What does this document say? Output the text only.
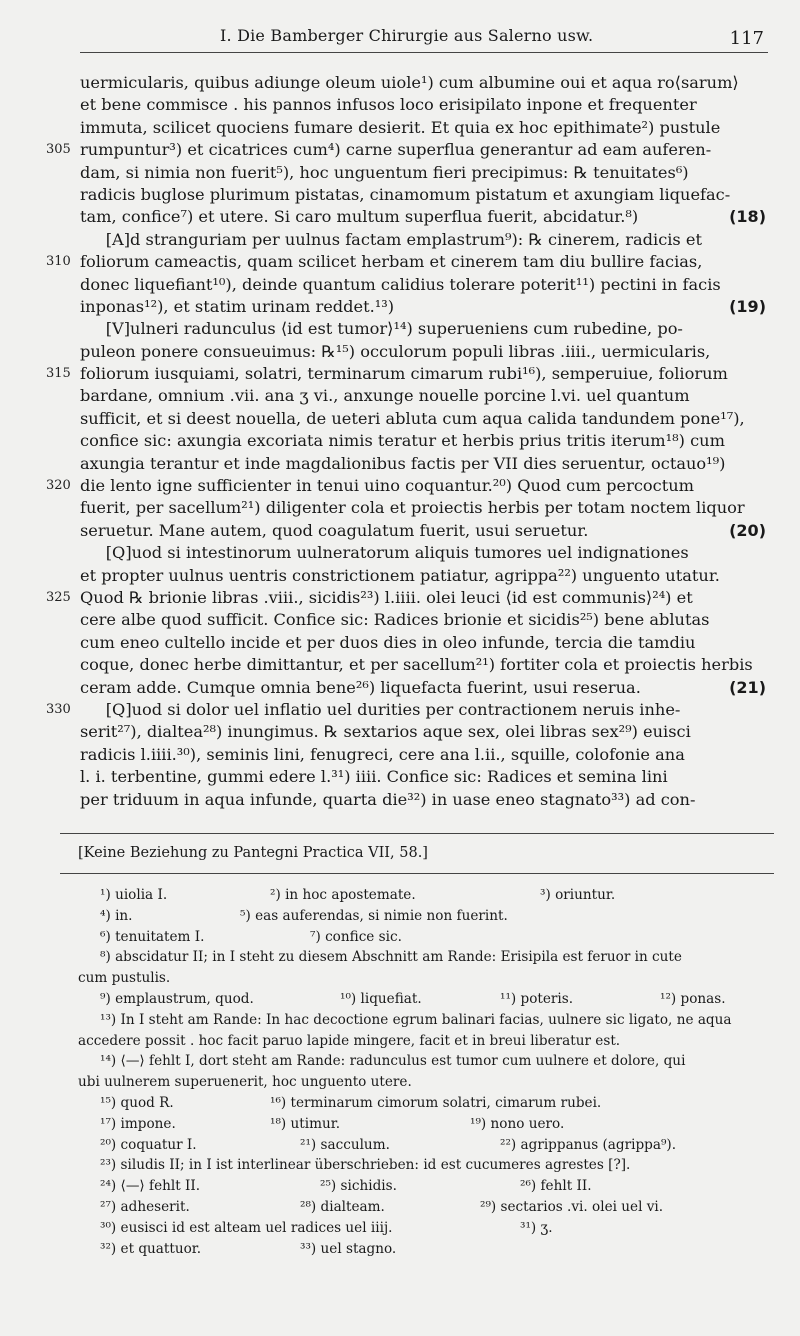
I. Die Bamberger Chirurgie aus Salerno usw.	117
uermicularis, quibus adiunge oleum uiole¹) cum albumine oui et aqua ro⟨sarum⟩
et bene commisce . his pannos infusos loco erisipilato inpone et frequenter
immuta, scilicet quociens fumare desierit. Et quia ex hoc epithimate²) pustule
305 rumpuntur³) et cicatrices cum⁴) carne superflua generantur ad eam auferen-
dam, si nimia non fuerit⁵), hoc unguentum fieri precipimus: ℞ tenuitates⁶)
radicis buglose plurimum pistatas, cinamomum pistatum et axungiam liquefac-
tam, confice⁷) et utere. Si caro multum superflua fuerit, abcidatur.⁸)	(18)
[A]d stranguriam per uulnus factam emplastrum⁹): ℞ cinerem, radicis et
310 foliorum cameactis, quam scilicet herbam et cinerem tam diu bullire facias,
donec liquefiant¹⁰), deinde quantum calidius tolerare poterit¹¹) pectini in facis
inponas¹²), et statim urinam reddet.¹³)	(19)
[V]ulneri radunculus ⟨id est tumor⟩¹⁴) superueniens cum rubedine, po-
puleon ponere consueuimus: ℞¹⁵) occulorum populi libras .iiii., uermicularis,
315 foliorum iusquiami, solatri, terminarum cimarum rubi¹⁶), semperuiue, foliorum
bardane, omnium .vii. ana ʒ vi., anxunge nouelle porcine l.vi. uel quantum
sufficit, et si deest nouella, de ueteri abluta cum aqua calida tandundem pone¹⁷),
confice sic: axungia excoriata nimis teratur et herbis prius tritis iterum¹⁸) cum
axungia terantur et inde magdalionibus factis per VII dies seruentur, octauo¹⁹)
320 die lento igne sufficienter in tenui uino coquantur.²⁰) Quod cum percoctum
fuerit, per sacellum²¹) diligenter cola et proiectis herbis per totam noctem liquor
seruetur. Mane autem, quod coagulatum fuerit, usui seruetur.	(20)
[Q]uod si intestinorum uulneratorum aliquis tumores uel indignationes
et propter uulnus uentris constrictionem patiatur, agrippa²²) unguento utatur.
325 Quod ℞ brionie libras .viii., sicidis²³) l.iiii. olei leuci ⟨id est communis⟩²⁴) et
cere albe quod sufficit. Confice sic: Radices brionie et sicidis²⁵) bene ablutas
cum eneo cultello incide et per duos dies in oleo infunde, tercia die tamdiu
coque, donec herbe dimittantur, et per sacellum²¹) fortiter cola et proiectis herbis
ceram adde. Cumque omnia bene²⁶) liquefacta fuerint, usui reserua.	(21)
330 [Q]uod si dolor uel inflatio uel durities per contractionem neruis inhe-
serit²⁷), dialtea²⁸) inungimus. ℞ sextarios aque sex, olei libras sex²⁹) euisci
radicis l.iiii.³⁰), seminis lini, fenugreci, cere ana l.ii., squille, colofonie ana
l. i. terbentine, gummi edere l.³¹) iiii. Confice sic: Radices et semina lini
per triduum in aqua infunde, quarta die³²) in uase eneo stagnato³³) ad con-
[Keine Beziehung zu Pantegni Practica VII, 58.]
¹) uiolia I.	²) in hoc apostemate.	³) oriuntur.
⁴) in.	⁵) eas auferendas, si nimie non fuerint.
⁶) tenuitatem I.	⁷) confice sic.
⁸) abscidatur II; in I steht zu diesem Abschnitt am Rande: Erisipila est feruor in cute
cum pustulis.
⁹) emplaustrum, quod.	¹⁰) liquefiat.	¹¹) poteris.	¹²) ponas.
¹³) In I steht am Rande: In hac decoctione egrum balinari facias, uulnere sic ligato, ne aqua
accedere possit . hoc facit paruo lapide mingere, facit et in breui liberatur est.
¹⁴) ⟨—⟩ fehlt I, dort steht am Rande: radunculus est tumor cum uulnere et dolore, qui
ubi uulnerem superuenerit, hoc unguento utere.
¹⁵) quod R.	¹⁶) terminarum cimorum solatri, cimarum rubei.
¹⁷) impone.	¹⁸) utimur.	¹⁹) nono uero.
²⁰) coquatur I.	²¹) sacculum.	²²) agrippanus (agrippa⁹).
²³) siludis II; in I ist interlinear überschrieben: id est cucumeres agrestes [?].
²⁴) ⟨—⟩ fehlt II.	²⁵) sichidis.	²⁶) fehlt II.
²⁷) adheserit.	²⁸) dialteam.	²⁹) sectarios .vi. olei uel vi.
³⁰) eusisci id est alteam uel radices uel iiij.	³¹) ʒ.
³²) et quattuor.	³³) uel stagno.
